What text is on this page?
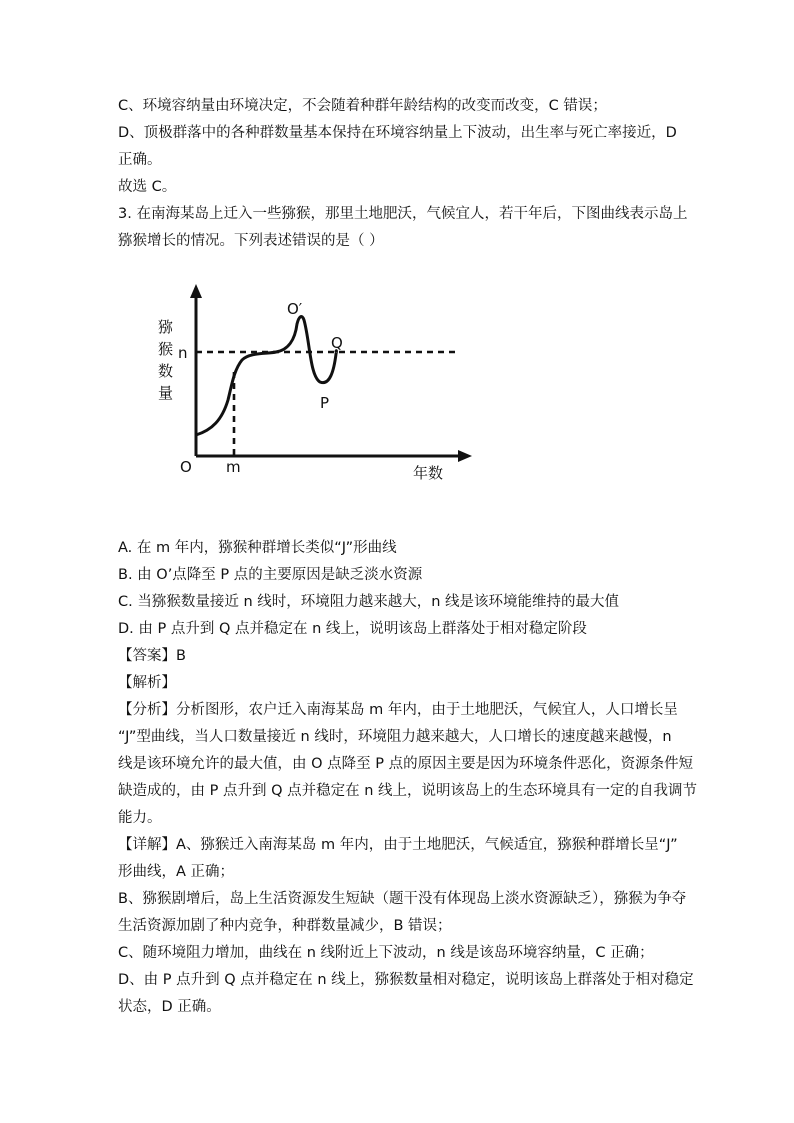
C、环境容纳量由环境决定，不会随着种群年龄结构的改变而改变，C 错误；
D、顶极群落中的各种群数量基本保持在环境容纳量上下波动，出生率与死亡率接近，D
正确。
故选 C。
3. 在南海某岛上迁入一些猕猴，那里土地肥沃，气候宜人，若干年后，下图曲线表示岛上
猕猴增长的情况。下列表述错误的是（ ）
猕
猴
数
量
n
O m	年数
O′
Q
P
A. 在 m 年内，猕猴种群增长类似“J”形曲线
B. 由 O’点降至 P 点的主要原因是缺乏淡水资源
C. 当猕猴数量接近 n 线时，环境阻力越来越大，n 线是该环境能维持的最大值
D. 由 P 点升到 Q 点并稳定在 n 线上，说明该岛上群落处于相对稳定阶段
【答案】B
【解析】
【分析】分析图形，农户迁入南海某岛 m 年内，由于土地肥沃，气候宜人，人口增长呈
“J”型曲线，当人口数量接近 n 线时，环境阻力越来越大，人口增长的速度越来越慢，n
线是该环境允许的最大值，由 O 点降至 P 点的原因主要是因为环境条件恶化，资源条件短
缺造成的，由 P 点升到 Q 点并稳定在 n 线上，说明该岛上的生态环境具有一定的自我调节
能力。
【详解】A、猕猴迁入南海某岛 m 年内，由于土地肥沃，气候适宜，猕猴种群增长呈“J”
形曲线，A 正确；
B、猕猴剧增后，岛上生活资源发生短缺（题干没有体现岛上淡水资源缺乏），猕猴为争夺
生活资源加剧了种内竞争，种群数量减少，B 错误；
C、随环境阻力增加，曲线在 n 线附近上下波动，n 线是该岛环境容纳量，C 正确；
D、由 P 点升到 Q 点并稳定在 n 线上，猕猴数量相对稳定，说明该岛上群落处于相对稳定
状态，D 正确。
